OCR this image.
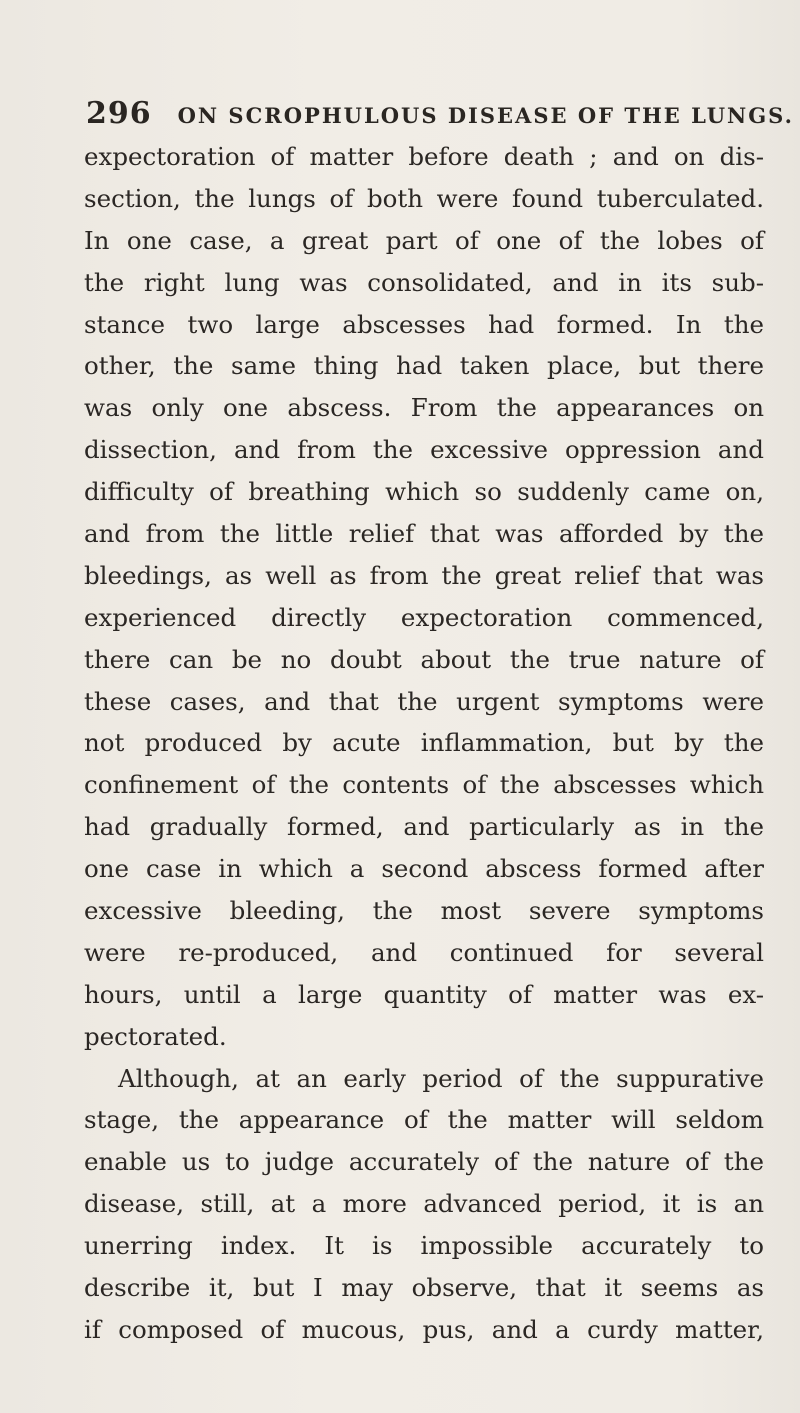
296 ON SCROPHULOUS DISEASE OF THE LUNGS.
expectoration of matter before death ; and on dis-
section, the lungs of both were found tuberculated.
In one case, a great part of one of the lobes of
the right lung was consolidated, and in its sub-
stance two large abscesses had formed. In the
other, the same thing had taken place, but there
was only one abscess. From the appearances on
dissection, and from the excessive oppression and
difficulty of breathing which so suddenly came on,
and from the little relief that was afforded by the
bleedings, as well as from the great relief that was
experienced directly expectoration commenced,
there can be no doubt about the true nature of
these cases, and that the urgent symptoms were
not produced by acute inflammation, but by the
confinement of the contents of the abscesses which
had gradually formed, and particularly as in the
one case in which a second abscess formed after
excessive bleeding, the most severe symptoms
were re-produced, and continued for several
hours, until a large quantity of matter was ex-
pectorated.
Although, at an early period of the suppurative
stage, the appearance of the matter will seldom
enable us to judge accurately of the nature of the
disease, still, at a more advanced period, it is an
unerring index. It is impossible accurately to
describe it, but I may observe, that it seems as
if composed of mucous, pus, and a curdy matter,
